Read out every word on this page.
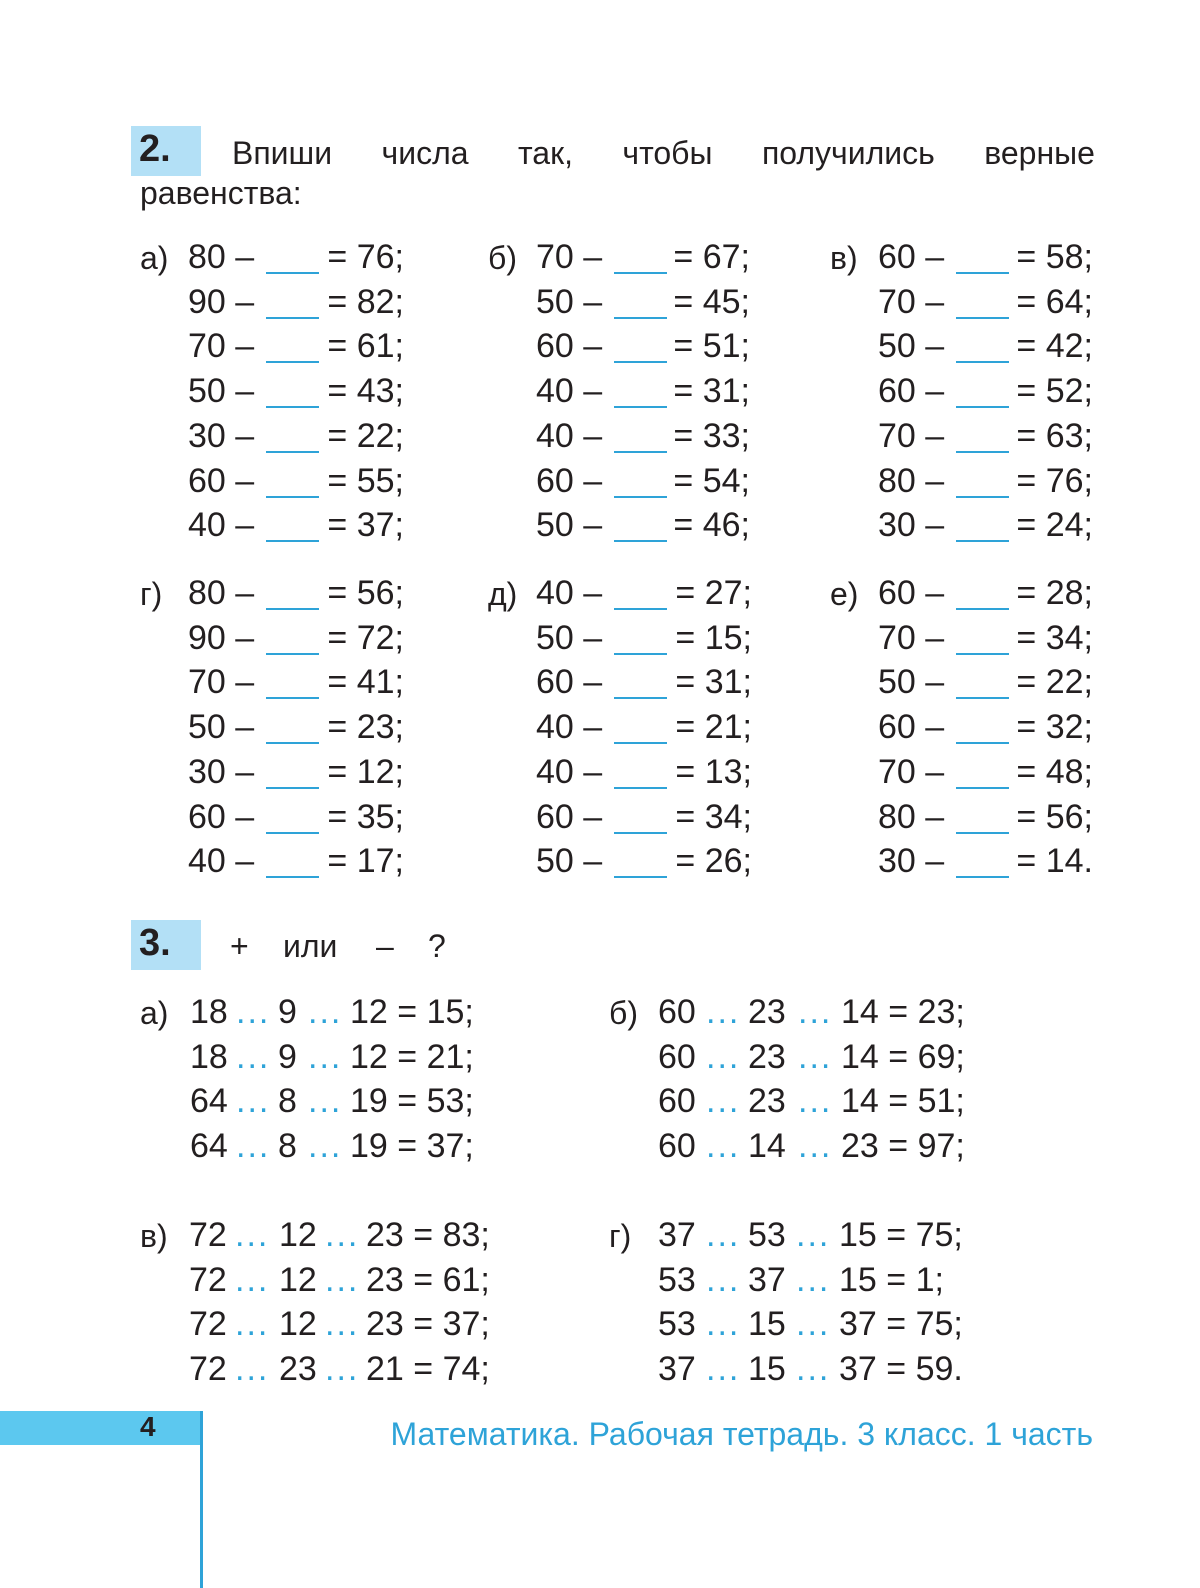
2. Впиши числа так, чтобы получились верные
равенства:
а) 80 – = 76;
90 – = 82;
70 – = 61;
50 – = 43;
30 – = 22;
60 – = 55;
40 – = 37;
б) 70 – = 67;
50 – = 45;
60 – = 51;
40 – = 31;
40 – = 33;
60 – = 54;
50 – = 46;
в) 60 – = 58;
70 – = 64;
50 – = 42;
60 – = 52;
70 – = 63;
80 – = 76;
30 – = 24;
г) 80 – = 56;
90 – = 72;
70 – = 41;
50 – = 23;
30 – = 12;
60 – = 35;
40 – = 17;
д) 40 – = 27;
50 – = 15;
60 – = 31;
40 – = 21;
40 – = 13;
60 – = 34;
50 – = 26;
е) 60 – = 28;
70 – = 34;
50 – = 22;
60 – = 32;
70 – = 48;
80 – = 56;
30 – = 14.
3. + или – ?
а) 18 ... 9 ... 12 = 15;
18 ... 9 ... 12 = 21;
64 ... 8 ... 19 = 53;
64 ... 8 ... 19 = 37;
б) 60 ... 23 ... 14 = 23;
60 ... 23 ... 14 = 69;
60 ... 23 ... 14 = 51;
60 ... 14 ... 23 = 97;
в) 72 ... 12 ... 23 = 83;
72 ... 12 ... 23 = 61;
72 ... 12 ... 23 = 37;
72 ... 23 ... 21 = 74;
г) 37 ... 53 ... 15 = 75;
53 ... 37 ... 15 = 1;
53 ... 15 ... 37 = 75;
37 ... 15 ... 37 = 59.
4	Математика. Рабочая тетрадь. 3 класс. 1 часть
